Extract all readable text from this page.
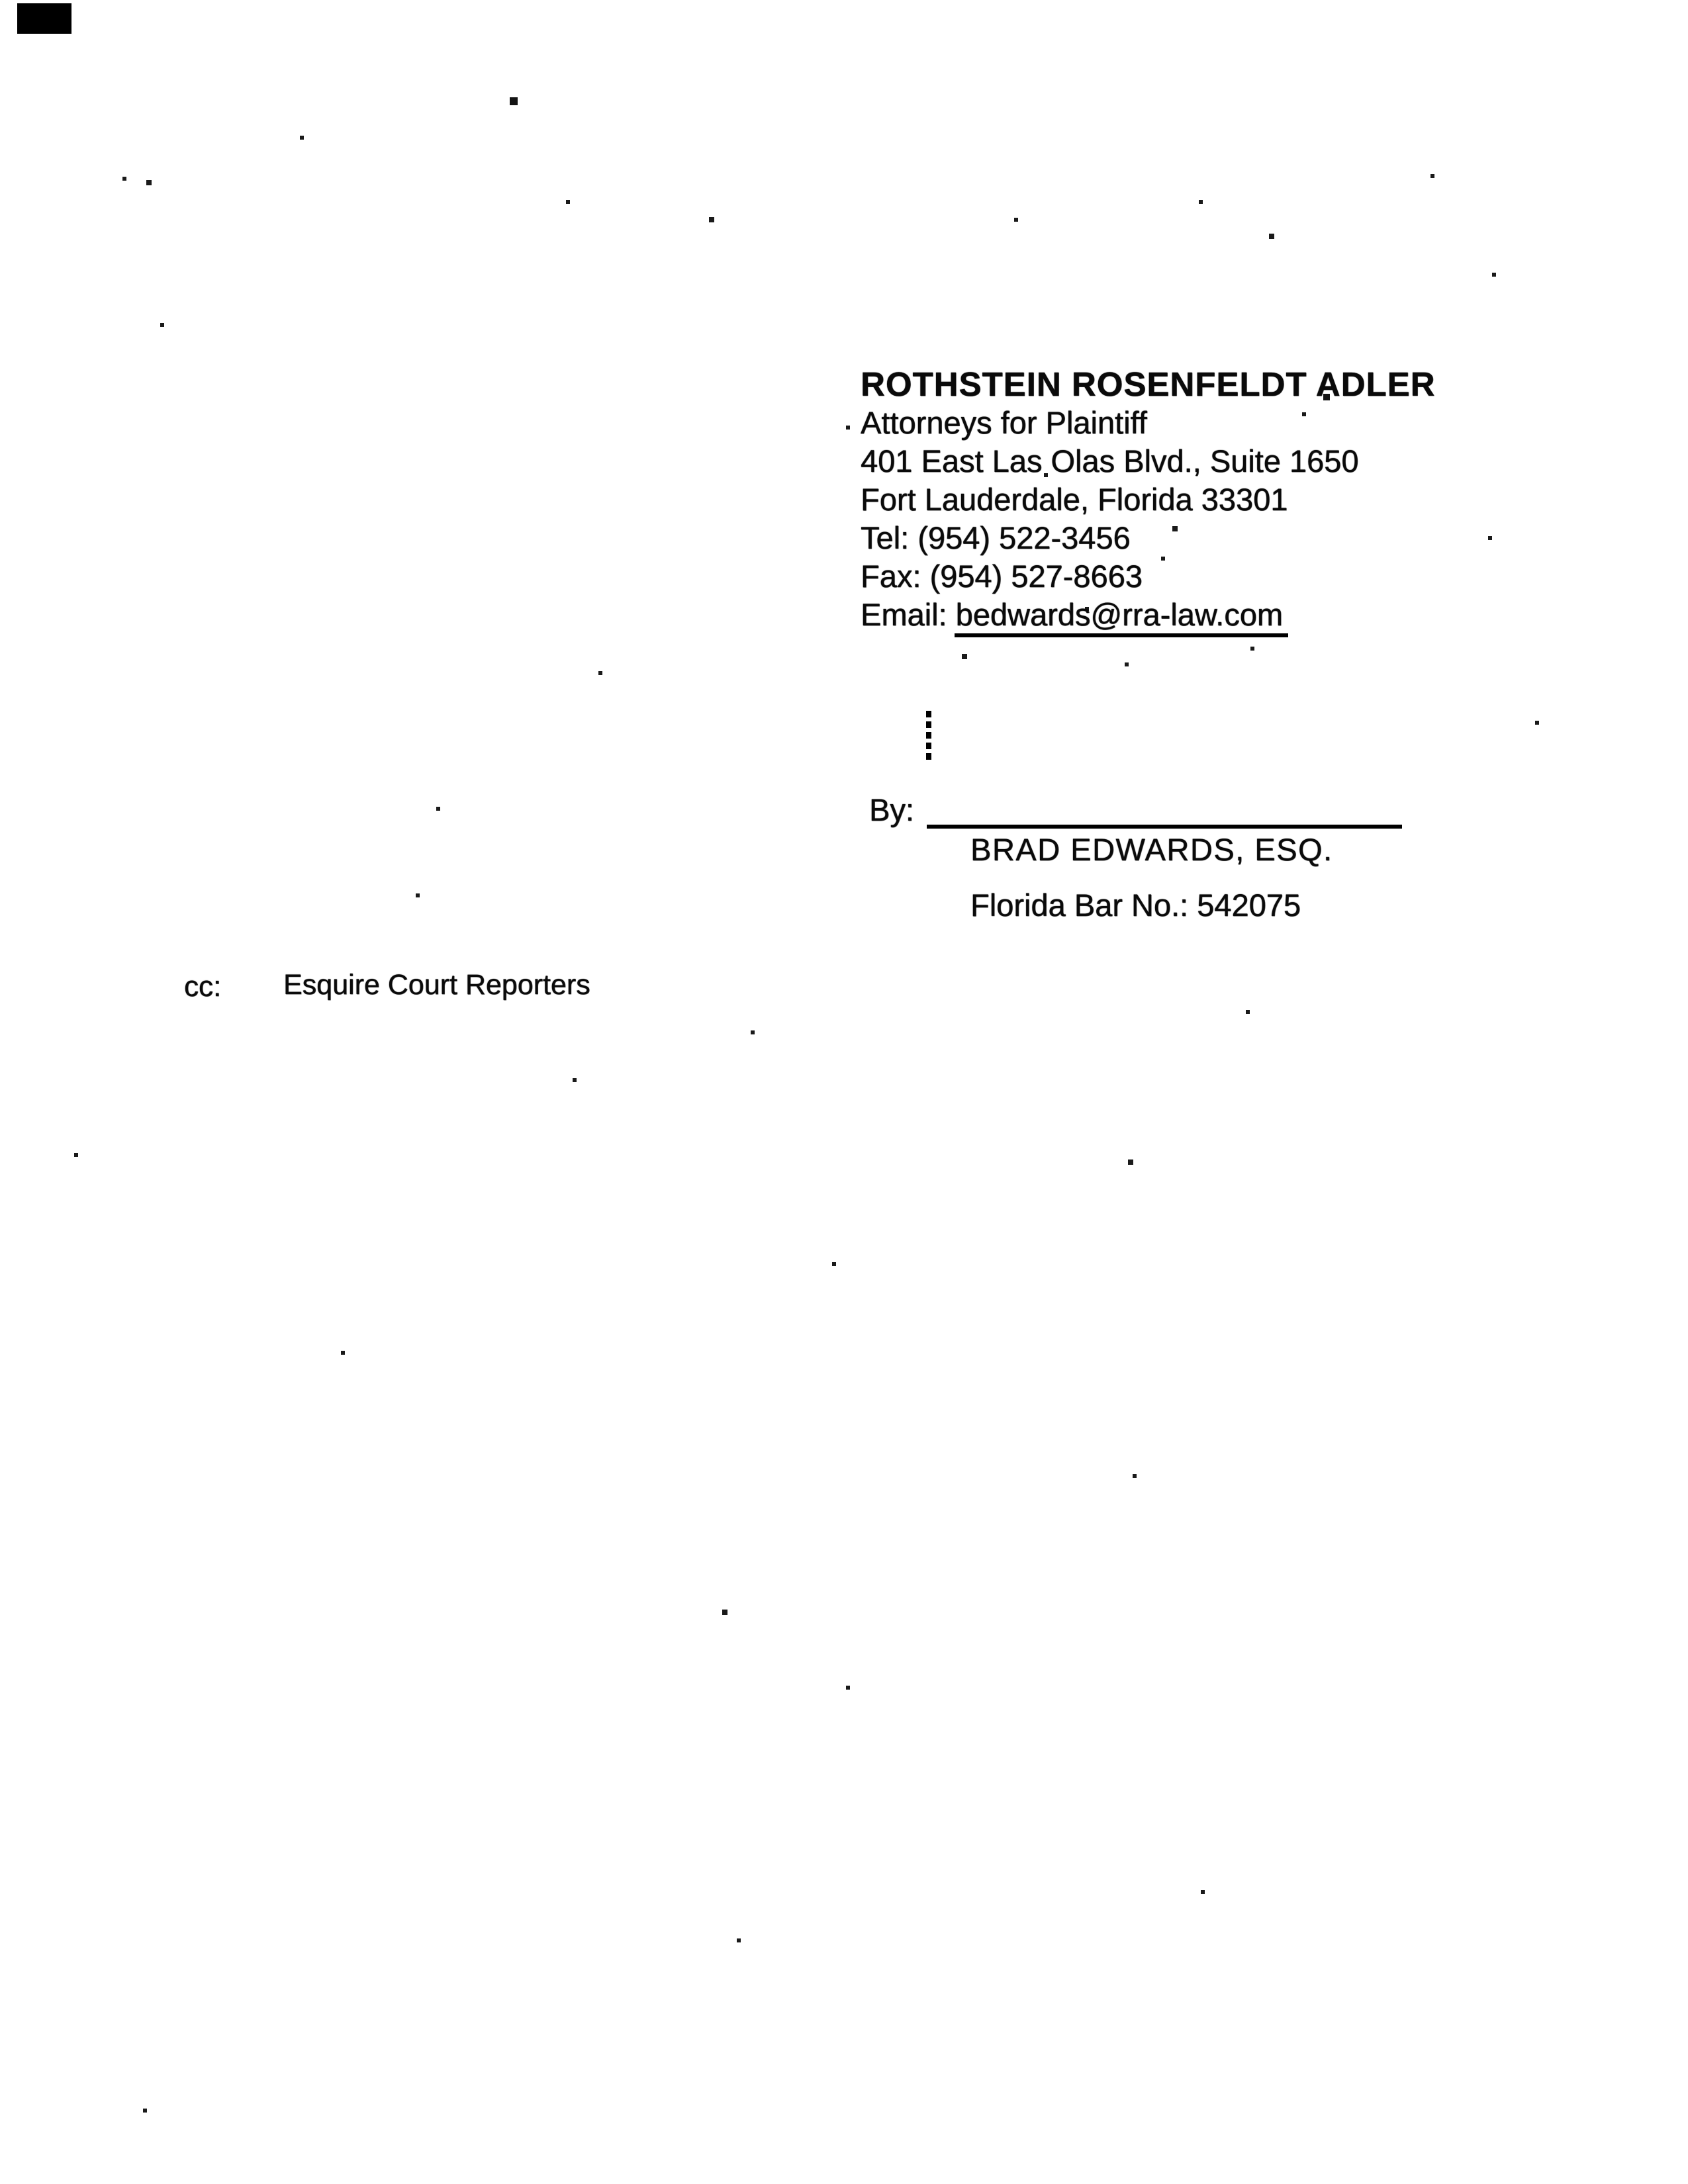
ROTHSTEIN ROSENFELDT ADLER
Attorneys for Plaintiff
401 East Las Olas Blvd., Suite 1650
Fort Lauderdale, Florida 33301
Tel: (954) 522-3456
Fax: (954) 527-8663
Email: bedwards@rra-law.com
By:
BRAD EDWARDS, ESQ.
Florida Bar No.: 542075
cc: Esquire Court Reporters
